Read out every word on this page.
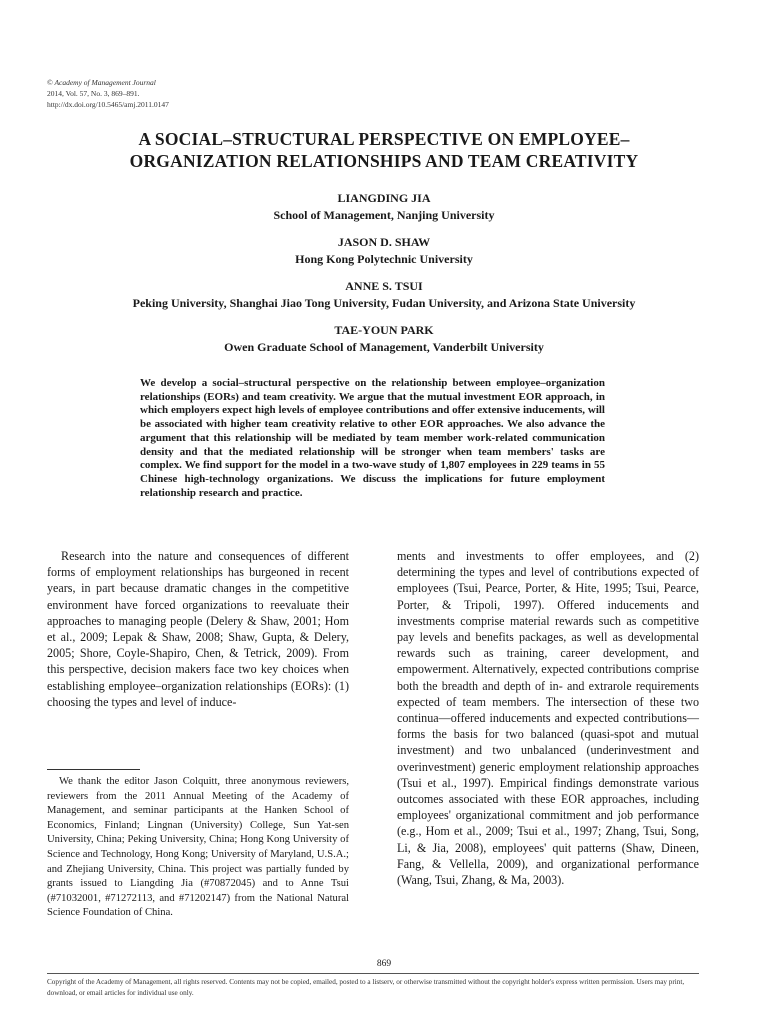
© Academy of Management Journal
2014, Vol. 57, No. 3, 869–891.
http://dx.doi.org/10.5465/amj.2011.0147
A SOCIAL–STRUCTURAL PERSPECTIVE ON EMPLOYEE–
ORGANIZATION RELATIONSHIPS AND TEAM CREATIVITY
LIANGDING JIA
School of Management, Nanjing University
JASON D. SHAW
Hong Kong Polytechnic University
ANNE S. TSUI
Peking University, Shanghai Jiao Tong University, Fudan University, and Arizona State University
TAE-YOUN PARK
Owen Graduate School of Management, Vanderbilt University
We develop a social–structural perspective on the relationship between employee–organization relationships (EORs) and team creativity. We argue that the mutual investment EOR approach, in which employers expect high levels of employee contributions and offer extensive inducements, will be associated with higher team creativity relative to other EOR approaches. We also advance the argument that this relationship will be mediated by team member work-related communication density and that the mediated relationship will be stronger when team members' tasks are complex. We find support for the model in a two-wave study of 1,807 employees in 229 teams in 55 Chinese high-technology organizations. We discuss the implications for future employment relationship research and practice.

Research into the nature and consequences of different forms of employment relationships has burgeoned in recent years, in part because dramatic changes in the competitive environment have forced organizations to reevaluate their approaches to managing people (Delery & Shaw, 2001; Hom et al., 2009; Lepak & Shaw, 2008; Shaw, Gupta, & Delery, 2005; Shore, Coyle-Shapiro, Chen, & Tetrick, 2009). From this perspective, decision makers face two key choices when establishing employee–organization relationships (EORs): (1) choosing the types and level of induce-

ments and investments to offer employees, and (2) determining the types and level of contributions expected of employees (Tsui, Pearce, Porter, & Hite, 1995; Tsui, Pearce, Porter, & Tripoli, 1997). Offered inducements and investments comprise material rewards such as competitive pay levels and benefits packages, as well as developmental rewards such as training, career development, and empowerment. Alternatively, expected contributions comprise both the breadth and depth of in- and extrarole requirements expected of team members. The intersection of these two continua—offered inducements and expected contributions—forms the basis for two balanced (quasi-spot and mutual investment) and two unbalanced (underinvestment and overinvestment) generic employment relationship approaches (Tsui et al., 1997). Empirical findings demonstrate various outcomes associated with these EOR approaches, including employees' organizational commitment and job performance (e.g., Hom et al., 2009; Tsui et al., 1997; Zhang, Tsui, Song, Li, & Jia, 2008), employees' quit patterns (Shaw, Dineen, Fang, & Vellella, 2009), and organizational performance (Wang, Tsui, Zhang, & Ma, 2003).

We thank the editor Jason Colquitt, three anonymous reviewers, reviewers from the 2011 Annual Meeting of the Academy of Management, and seminar participants at the Hanken School of Economics, Finland; Lingnan (University) College, Sun Yat-sen University, China; Peking University, China; Hong Kong University of Science and Technology, Hong Kong; University of Maryland, U.S.A.; and Zhejiang University, China. This project was partially funded by grants issued to Liangding Jia (#70872045) and to Anne Tsui (#71032001, #71272113, and #71202147) from the National Natural Science Foundation of China.

869
Copyright of the Academy of Management, all rights reserved. Contents may not be copied, emailed, posted to a listserv, or otherwise transmitted without the copyright holder's express written permission. Users may print, download, or email articles for individual use only.
